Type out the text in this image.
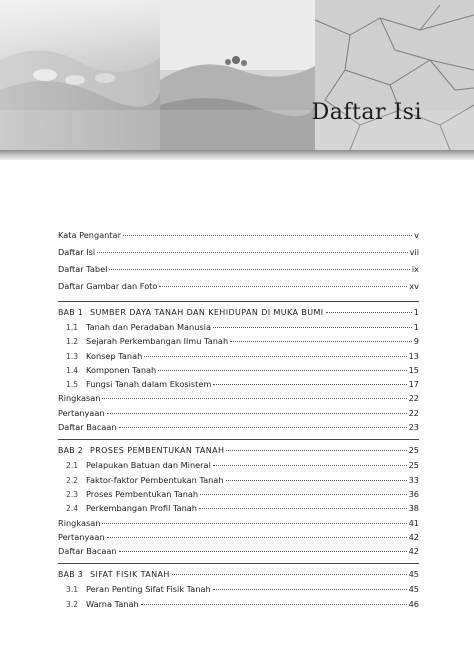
Daftar Isi
Kata Pengantar	v
Daftar Isi	vii
Daftar Tabel	ix
Daftar Gambar dan Foto	xv
BAB 1 SUMBER DAYA TANAH DAN KEHIDUPAN DI MUKA BUMI	1
1.1 Tanah dan Peradaban Manusia	1
1.2 Sejarah Perkembangan Ilmu Tanah	9
1.3 Konsep Tanah	13
1.4 Komponen Tanah	15
1.5 Fungsi Tanah dalam Ekosistem	17
Ringkasan	22
Pertanyaan	22
Daftar Bacaan	23
BAB 2 PROSES PEMBENTUKAN TANAH	25
2.1 Pelapukan Batuan dan Mineral	25
2.2 Faktor-faktor Pembentukan Tanah	33
2.3 Proses Pembentukan Tanah	36
2.4 Perkembangan Profil Tanah	38
Ringkasan	41
Pertanyaan	42
Daftar Bacaan	42
BAB 3 SIFAT FISIK TANAH	45
3.1 Peran Penting Sifat Fisik Tanah	45
3.2 Warna Tanah	46
